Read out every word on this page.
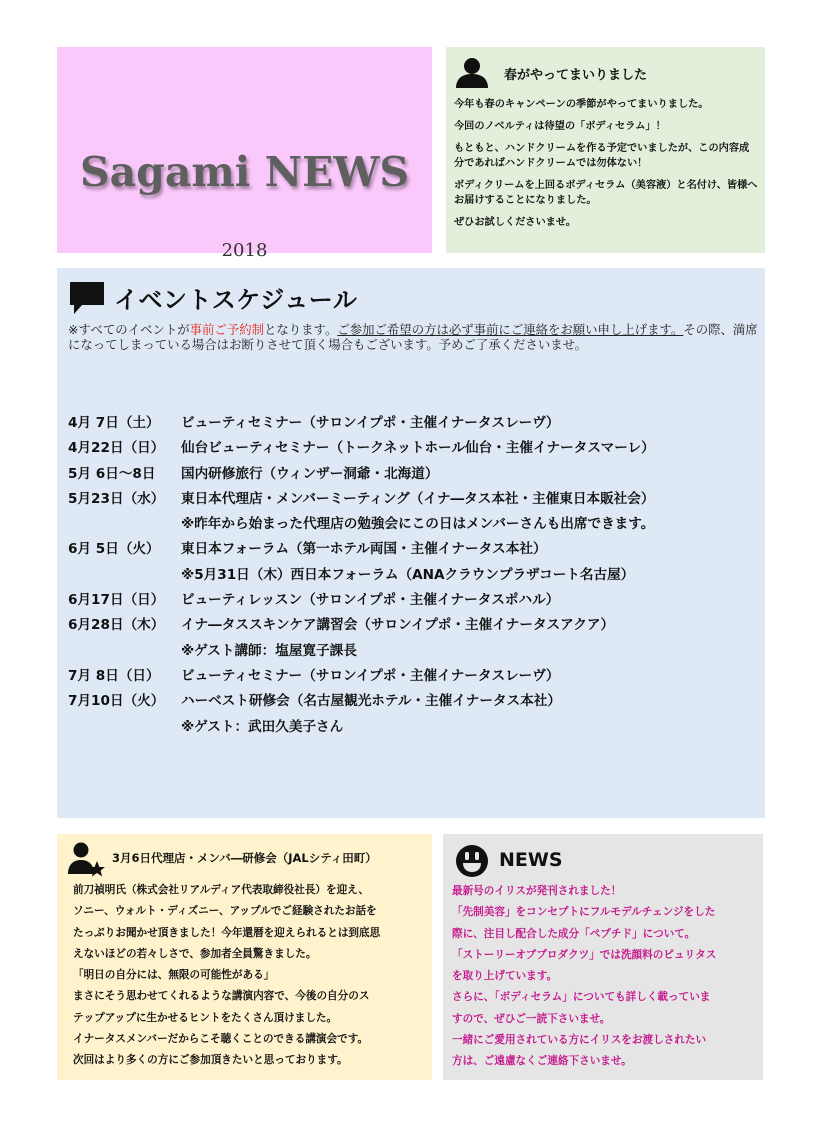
Sagami NEWS
2018
春がやってまいりました

今年も春のキャンペーンの季節がやってまいりました。

今回のノベルティは待望の「ボディセラム」！

もともと、ハンドクリームを作る予定でいましたが、この内容成分であればハンドクリームでは勿体ない！

ボディクリームを上回るボディセラム（美容液）と名付け、皆様へお届けすることになりました。

ぜひお試しくださいませ。

イベントスケジュール
※すべてのイベントが事前ご予約制となります。ご参加ご希望の方は必ず事前にご連絡をお願い申し上げます。その際、満席になってしまっている場合はお断りさせて頂く場合もございます。予めご了承くださいませ。
4月 7日（土） ビューティセミナー（サロンイプポ・主催イナータスレーヴ）
4月22日（日） 仙台ビューティセミナー（トークネットホール仙台・主催イナータスマーレ）
5月 6日〜8日 国内研修旅行（ウィンザー洞爺・北海道）
5月23日（水） 東日本代理店・メンバーミーティング（イナ―タス本社・主催東日本販社会）
※昨年から始まった代理店の勉強会にこの日はメンバーさんも出席できます。
6月 5日（火） 東日本フォーラム（第一ホテル両国・主催イナータス本社）
※5月31日（木）西日本フォーラム（ANAクラウンプラザコート名古屋）
6月17日（日） ビューティレッスン（サロンイプポ・主催イナータスポハル）
6月28日（木） イナ―タススキンケア講習会（サロンイプポ・主催イナータスアクア）
※ゲスト講師：塩屋寛子課長
7月 8日（日） ビューティセミナー（サロンイプポ・主催イナータスレーヴ）
7月10日（火） ハーベスト研修会（名古屋観光ホテル・主催イナータス本社）
※ゲスト：武田久美子さん
3月6日代理店・メンバ―研修会（JALシティ田町）
前刀禎明氏（株式会社リアルディア代表取締役社長）を迎え、
ソニー、ウォルト・ディズニー、アップルでご経験されたお話を
たっぷりお聞かせ頂きました！今年還暦を迎えられるとは到底思
えないほどの若々しさで、参加者全員驚きました。
「明日の自分には、無限の可能性がある」
まさにそう思わせてくれるような講演内容で、今後の自分のス
テップアップに生かせるヒントをたくさん頂けました。
イナータスメンバーだからこそ聴くことのできる講演会です。
次回はより多くの方にご参加頂きたいと思っております。
NEWS
最新号のイリスが発刊されました！
「先制美容」をコンセプトにフルモデルチェンジをした
際に、注目し配合した成分「ペプチド」について。
「ストーリーオブプロダクツ」では洗顔料のピュリタス
を取り上げています。
さらに、「ボディセラム」についても詳しく載っていま
すので、ぜひご一読下さいませ。
一緒にご愛用されている方にイリスをお渡しされたい
方は、ご遠慮なくご連絡下さいませ。
